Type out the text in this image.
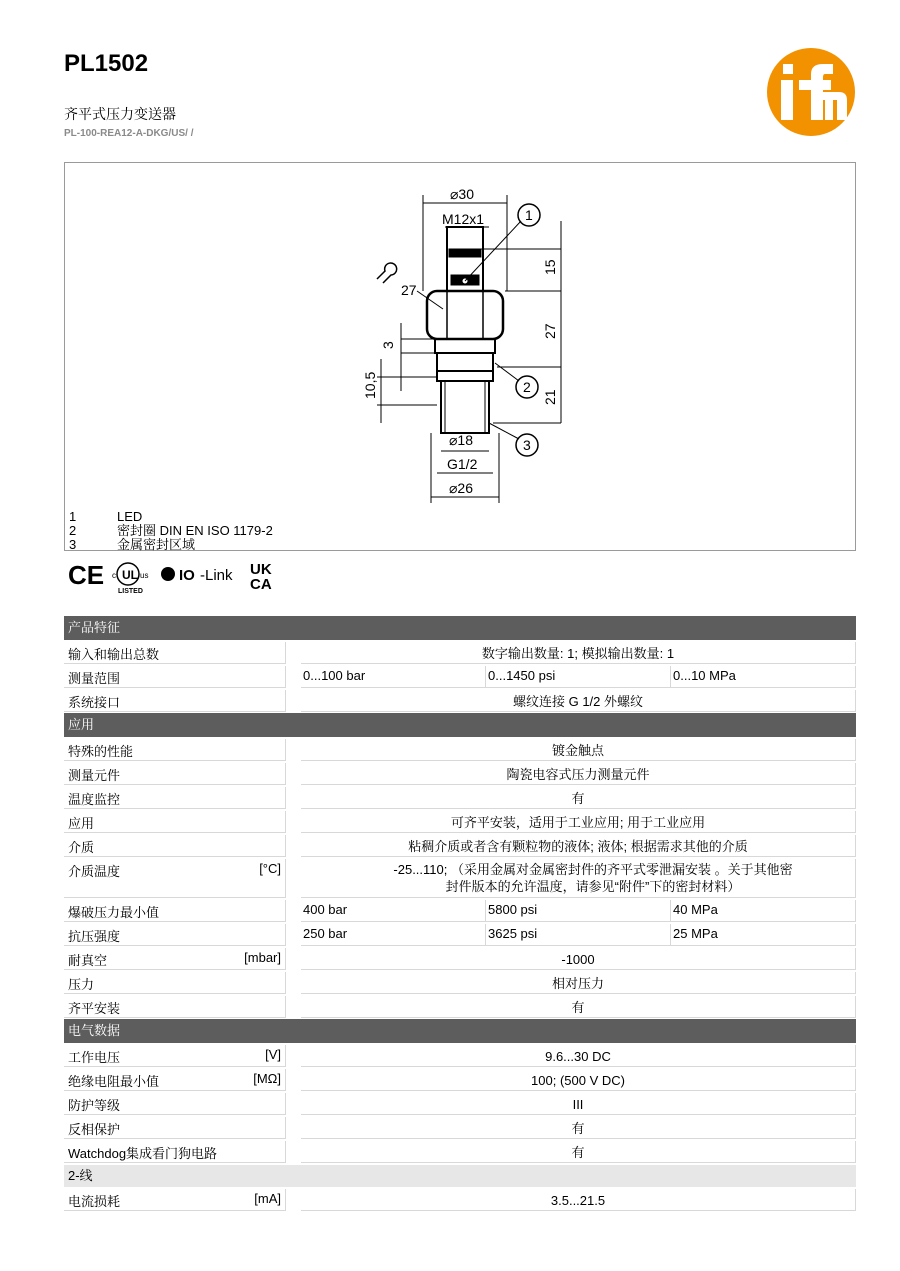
PL1502
齐平式压力变送器
PL-100-REA12-A-DKG/US/ /
⌀30
M12x1
15
27
21
27
3
10,5
⌀18
G1/2
⌀26
1
2
3
1	LED
2	密封圈 DIN EN ISO 1179-2
3	金属密封区域
CE UL
c	us
LISTED
IO -Link UK
CA
产品特征
输入和输出总数	数字输出数量: 1; 模拟输出数量: 1
测量范围	0...100 bar	0...1450 psi	0...10 MPa
系统接口	螺纹连接 G 1/2 外螺纹
应用
特殊的性能	镀金触点
测量元件	陶瓷电容式压力测量元件
温度监控	有
应用	可齐平安装，适用于工业应用; 用于工业应用
介质	粘稠介质或者含有颗粒物的液体; 液体; 根据需求其他的介质
介质温度	[°C]	-25...110; （采用金属对金属密封件的齐平式零泄漏安装 。关于其他密封件版本的允许温度，请参见“附件”下的密封材料）
爆破压力最小值	400 bar	5800 psi	40 MPa
抗压强度	250 bar	3625 psi	25 MPa
耐真空	[mbar]	-1000
压力	相对压力
齐平安装	有
电气数据
工作电压	[V]	9.6...30 DC
绝缘电阻最小值	[MΩ]	100; (500 V DC)
防护等级	III
反相保护	有
Watchdog集成看门狗电路	有
2-线
电流损耗	[mA]	3.5...21.5
